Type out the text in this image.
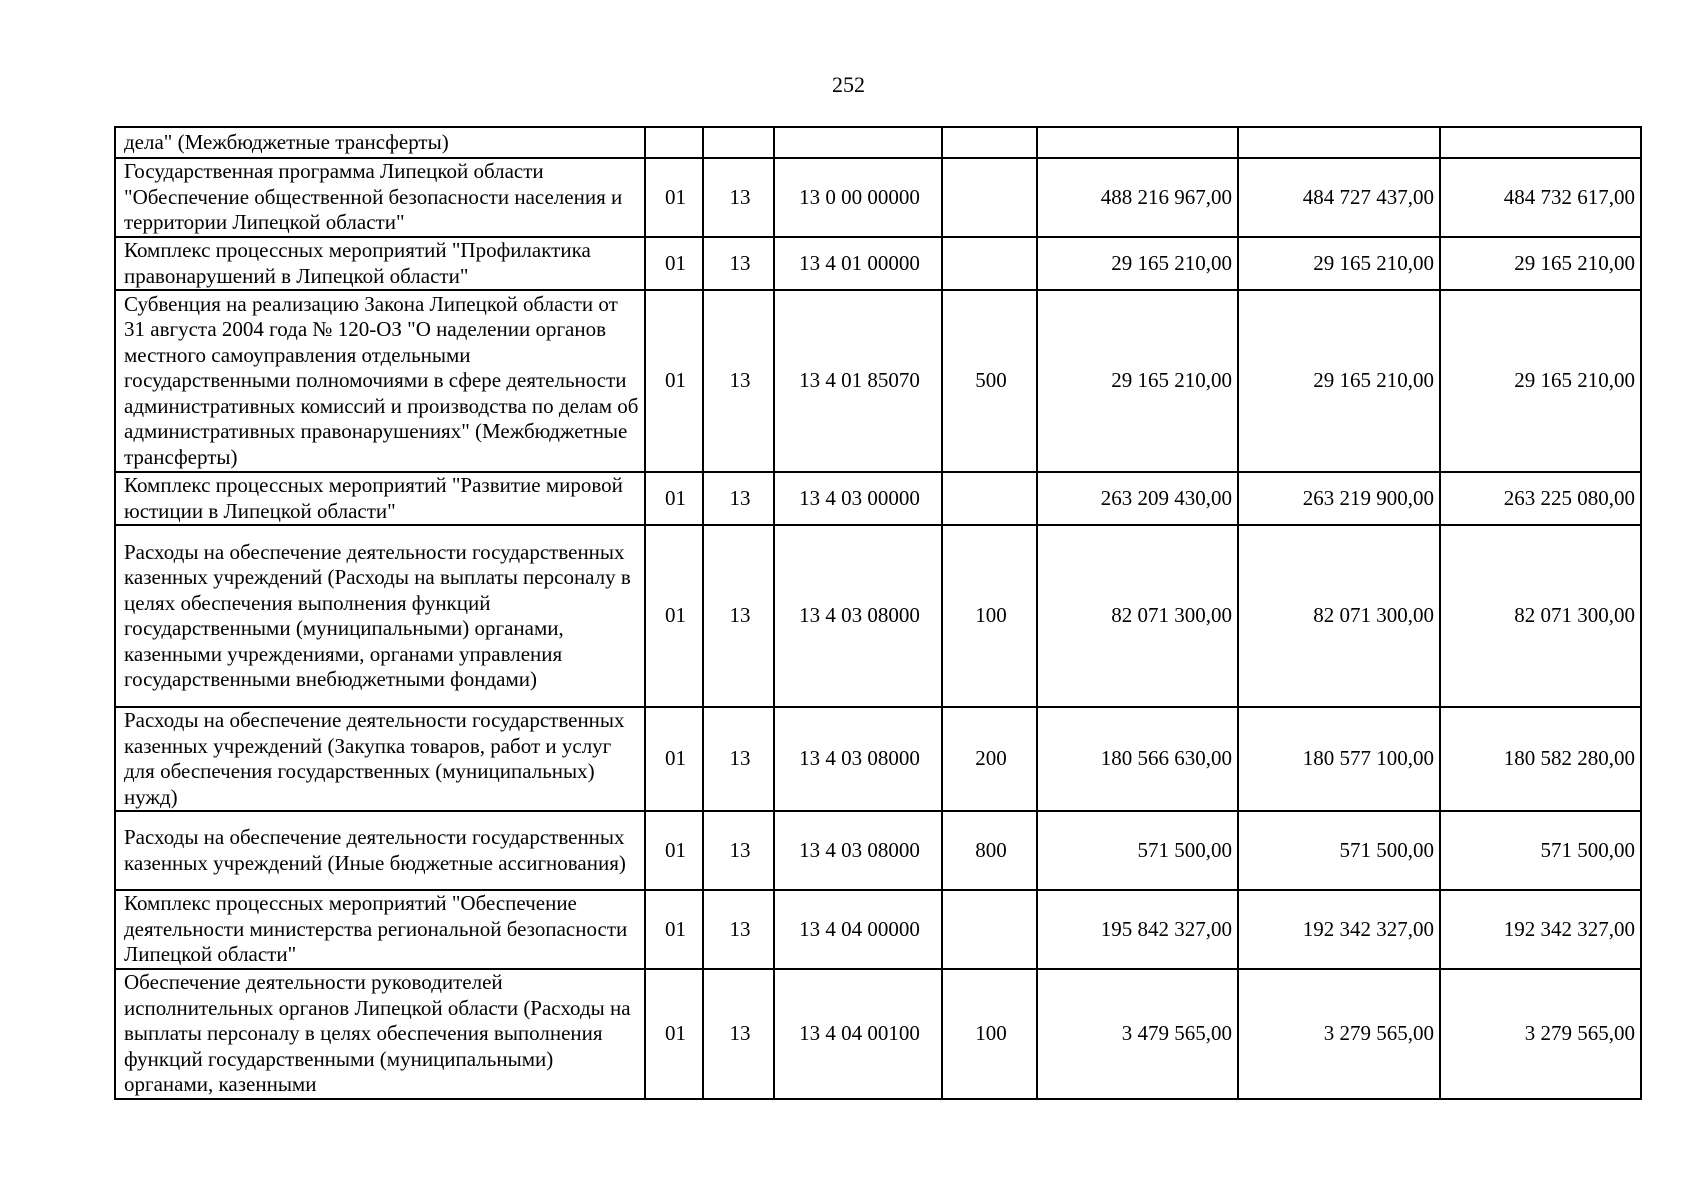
252
дела" (Межбюджетные трансферты)							
Государственная программа Липецкой области "Обеспечение общественной безопасности населения и территории Липецкой области"	01	13	13 0 00 00000		488 216 967,00	484 727 437,00	484 732 617,00
Комплекс процессных мероприятий "Профилактика правонарушений в Липецкой области"	01	13	13 4 01 00000		29 165 210,00	29 165 210,00	29 165 210,00
Субвенция на реализацию Закона Липецкой области от 31 августа 2004 года № 120-ОЗ "О наделении органов местного самоуправления отдельными государственными полномочиями в сфере деятельности административных комиссий и производства по делам об административных правонарушениях" (Межбюджетные трансферты)	01	13	13 4 01 85070	500	29 165 210,00	29 165 210,00	29 165 210,00
Комплекс процессных мероприятий "Развитие мировой юстиции в Липецкой области"	01	13	13 4 03 00000		263 209 430,00	263 219 900,00	263 225 080,00
Расходы на обеспечение деятельности государственных казенных учреждений (Расходы на выплаты персоналу в целях обеспечения выполнения функций государственными (муниципальными) органами, казенными учреждениями, органами управления государственными внебюджетными фондами)	01	13	13 4 03 08000	100	82 071 300,00	82 071 300,00	82 071 300,00
Расходы на обеспечение деятельности государственных казенных учреждений (Закупка товаров, работ и услуг для обеспечения государственных (муниципальных) нужд)	01	13	13 4 03 08000	200	180 566 630,00	180 577 100,00	180 582 280,00
Расходы на обеспечение деятельности государственных казенных учреждений (Иные бюджетные ассигнования)	01	13	13 4 03 08000	800	571 500,00	571 500,00	571 500,00
Комплекс процессных мероприятий "Обеспечение деятельности министерства региональной безопасности Липецкой области"	01	13	13 4 04 00000		195 842 327,00	192 342 327,00	192 342 327,00
Обеспечение деятельности руководителей исполнительных органов Липецкой области (Расходы на выплаты персоналу в целях обеспечения выполнения функций государственными (муниципальными) органами, казенными	01	13	13 4 04 00100	100	3 479 565,00	3 279 565,00	3 279 565,00
